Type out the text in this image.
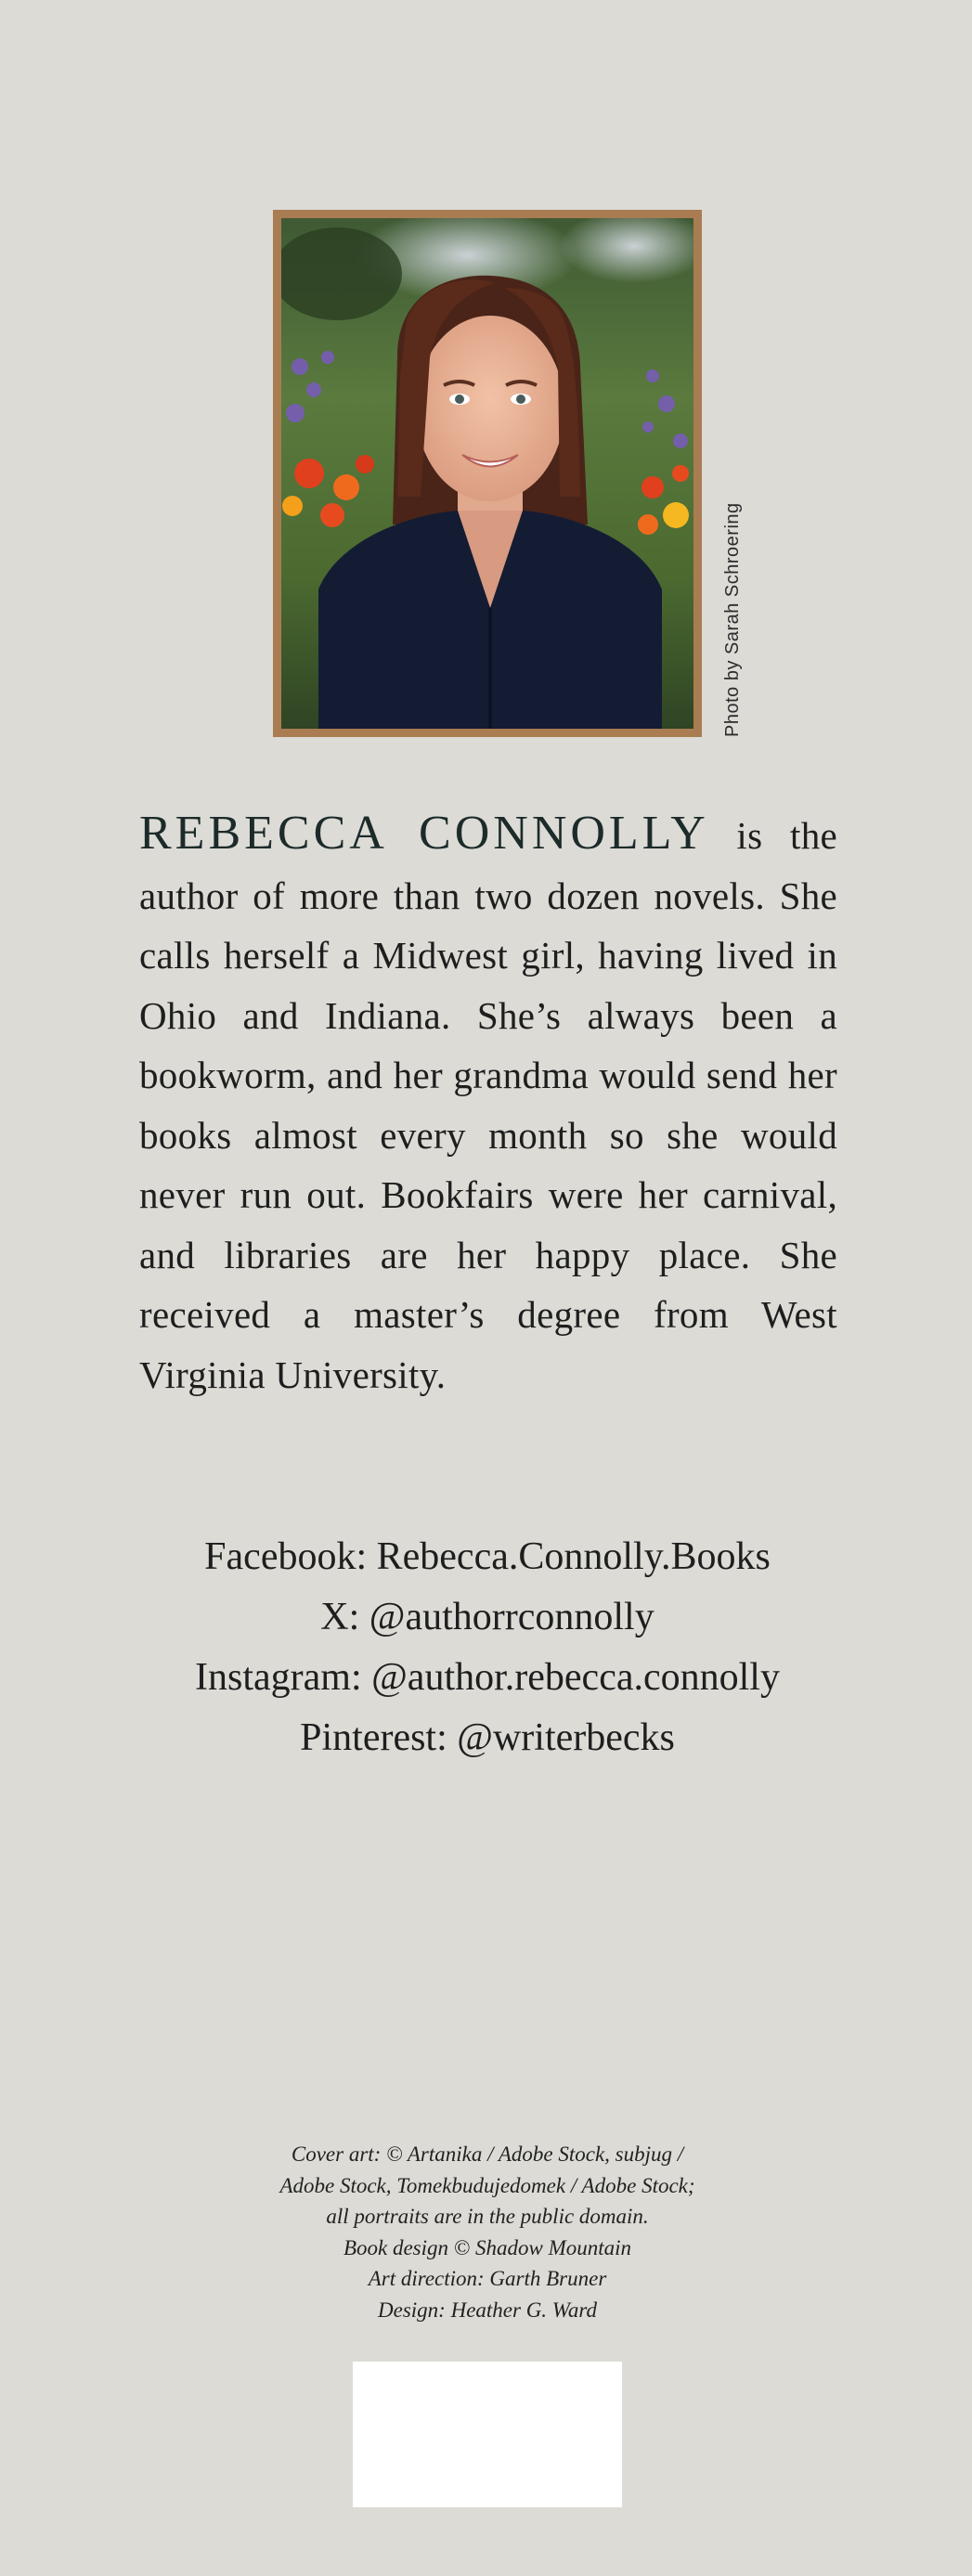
Photo by Sarah Schroering

REBECCA CONNOLLY is the author of more than two dozen novels. She calls herself a Midwest girl, having lived in Ohio and Indiana. She’s always been a bookworm, and her grandma would send her books almost every month so she would never run out. Bookfairs were her carnival, and libraries are her happy place. She received a master’s degree from West Virginia University.

Facebook: Rebecca.Connolly.Books
X: @authorrconnolly
Instagram: @author.rebecca.connolly
Pinterest: @writerbecks
Cover art: © Artanika / Adobe Stock, subjug /
Adobe Stock, Tomekbudujedomek / Adobe Stock;
all portraits are in the public domain.
Book design © Shadow Mountain
Art direction: Garth Bruner
Design: Heather G. Ward
